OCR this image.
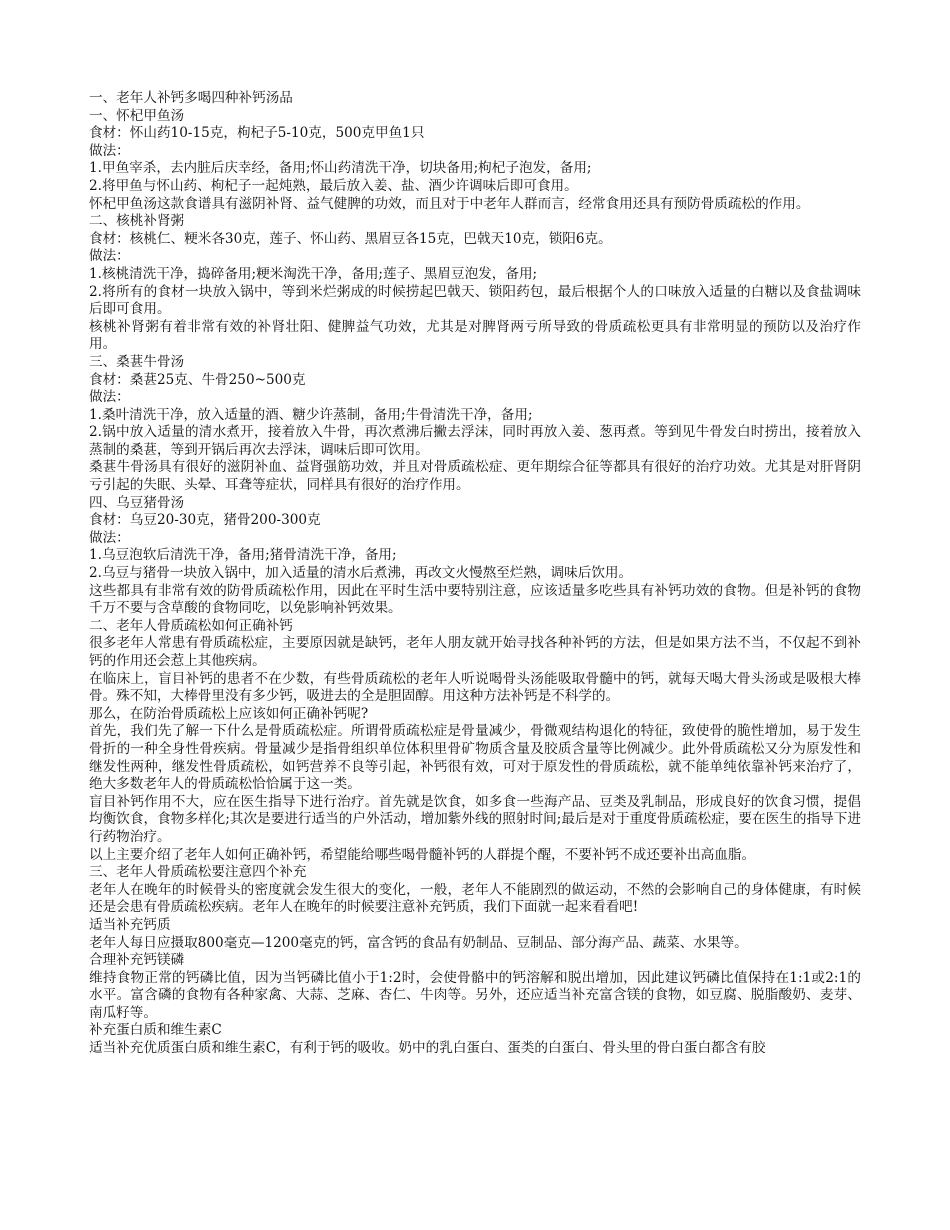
一、老年人补钙多喝四种补钙汤品
一、怀杞甲鱼汤
食材：怀山药10-15克，枸杞子5-10克，500克甲鱼1只
做法：
1.甲鱼宰杀，去内脏后庆幸经，备用;怀山药清洗干净，切块备用;枸杞子泡发，备用;
2.将甲鱼与怀山药、枸杞子一起炖熟，最后放入姜、盐、酒少许调味后即可食用。
怀杞甲鱼汤这款食谱具有滋阴补肾、益气健脾的功效，而且对于中老年人群而言，经常食用还具有预防骨质疏松的作用。
二、核桃补肾粥
食材：核桃仁、粳米各30克，莲子、怀山药、黑眉豆各15克，巴戟天10克，锁阳6克。
做法：
1.核桃清洗干净，捣碎备用;粳米淘洗干净，备用;莲子、黑眉豆泡发，备用;
2.将所有的食材一块放入锅中，等到米烂粥成的时候捞起巴戟天、锁阳药包，最后根据个人的口味放入适量的白糖以及食盐调味后即可食用。
核桃补肾粥有着非常有效的补肾壮阳、健脾益气功效，尤其是对脾肾两亏所导致的骨质疏松更具有非常明显的预防以及治疗作用。
三、桑葚牛骨汤
食材：桑葚25克、牛骨250~500克
做法：
1.桑叶清洗干净，放入适量的酒、糖少许蒸制，备用;牛骨清洗干净，备用;
2.锅中放入适量的清水煮开，接着放入牛骨，再次煮沸后撇去浮沫，同时再放入姜、葱再煮。等到见牛骨发白时捞出，接着放入蒸制的桑葚，等到开锅后再次去浮沫，调味后即可饮用。
桑葚牛骨汤具有很好的滋阴补血、益肾强筋功效，并且对骨质疏松症、更年期综合征等都具有很好的治疗功效。尤其是对肝肾阴亏引起的失眠、头晕、耳聋等症状，同样具有很好的治疗作用。
四、乌豆猪骨汤
食材：乌豆20-30克，猪骨200-300克
做法：
1.乌豆泡软后清洗干净，备用;猪骨清洗干净，备用;
2.乌豆与猪骨一块放入锅中，加入适量的清水后煮沸，再改文火慢熬至烂熟，调味后饮用。
这些都具有非常有效的防骨质疏松作用，因此在平时生活中要特别注意，应该适量多吃些具有补钙功效的食物。但是补钙的食物千万不要与含草酸的食物同吃，以免影响补钙效果。
二、老年人骨质疏松如何正确补钙
很多老年人常患有骨质疏松症，主要原因就是缺钙，老年人朋友就开始寻找各种补钙的方法，但是如果方法不当，不仅起不到补钙的作用还会惹上其他疾病。
在临床上，盲目补钙的患者不在少数，有些骨质疏松的老年人听说喝骨头汤能吸取骨髓中的钙，就每天喝大骨头汤或是吸根大棒骨。殊不知，大棒骨里没有多少钙，吸进去的全是胆固醇。用这种方法补钙是不科学的。
那么，在防治骨质疏松上应该如何正确补钙呢?
首先，我们先了解一下什么是骨质疏松症。所谓骨质疏松症是骨量减少，骨微观结构退化的特征，致使骨的脆性增加，易于发生骨折的一种全身性骨疾病。骨量减少是指骨组织单位体积里骨矿物质含量及胶质含量等比例减少。此外骨质疏松又分为原发性和继发性两种，继发性骨质疏松，如钙营养不良等引起，补钙很有效，可对于原发性的骨质疏松，就不能单纯依靠补钙来治疗了，绝大多数老年人的骨质疏松恰恰属于这一类。
盲目补钙作用不大，应在医生指导下进行治疗。首先就是饮食，如多食一些海产品、豆类及乳制品，形成良好的饮食习惯，提倡均衡饮食，食物多样化;其次是要进行适当的户外活动，增加紫外线的照射时间;最后是对于重度骨质疏松症，要在医生的指导下进行药物治疗。
以上主要介绍了老年人如何正确补钙，希望能给哪些喝骨髓补钙的人群提个醒，不要补钙不成还要补出高血脂。
三、老年人骨质疏松要注意四个补充
老年人在晚年的时候骨头的密度就会发生很大的变化，一般，老年人不能剧烈的做运动，不然的会影响自己的身体健康，有时候还是会患有骨质疏松疾病。老年人在晚年的时候要注意补充钙质，我们下面就一起来看看吧!
适当补充钙质
老年人每日应摄取800毫克—1200毫克的钙，富含钙的食品有奶制品、豆制品、部分海产品、蔬菜、水果等。
合理补充钙镁磷
维持食物正常的钙磷比值，因为当钙磷比值小于1:2时，会使骨骼中的钙溶解和脱出增加，因此建议钙磷比值保持在1:1或2:1的水平。富含磷的食物有各种家禽、大蒜、芝麻、杏仁、牛肉等。另外，还应适当补充富含镁的食物，如豆腐、脱脂酸奶、麦芽、南瓜籽等。
补充蛋白质和维生素C
适当补充优质蛋白质和维生素C，有利于钙的吸收。奶中的乳白蛋白、蛋类的白蛋白、骨头里的骨白蛋白都含有胶
